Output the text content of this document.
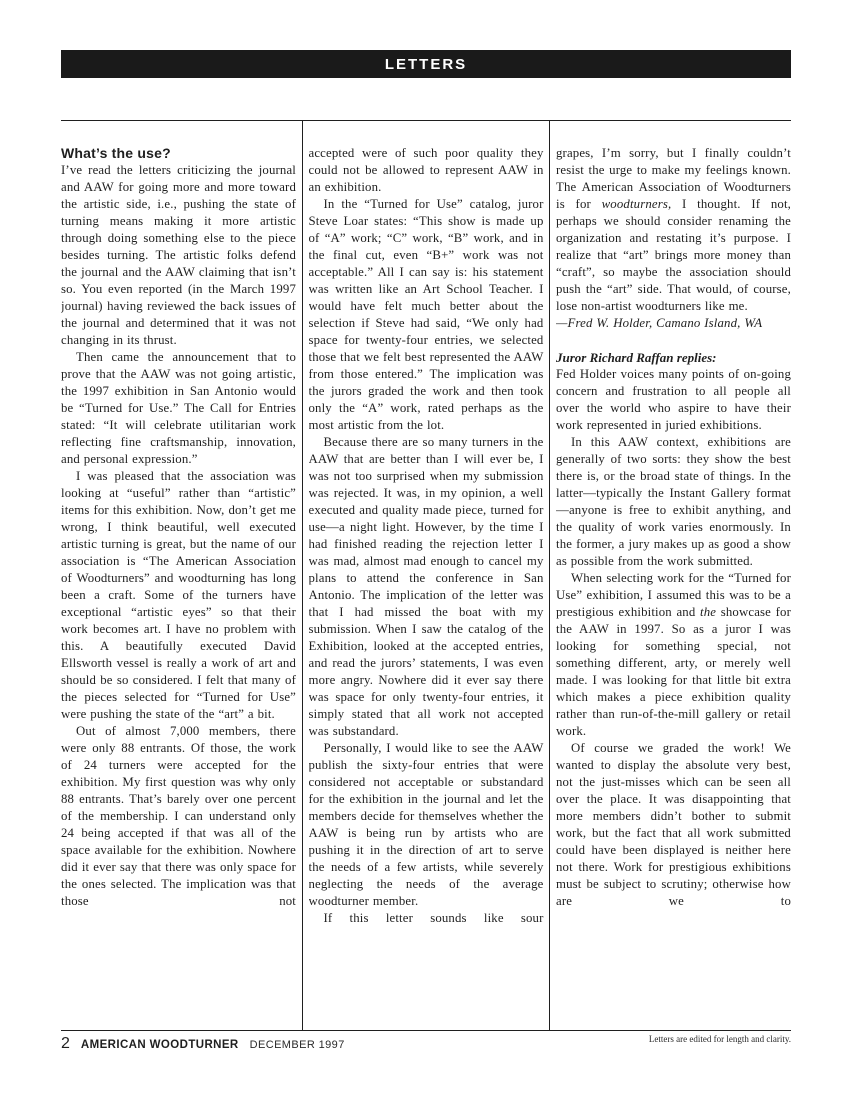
LETTERS
What’s the use?

I’ve read the letters criticizing the journal and AAW for going more and more toward the artistic side, i.e., pushing the state of turning means making it more artistic through doing something else to the piece besides turning. The artistic folks defend the journal and the AAW claiming that isn’t so. You even reported (in the March 1997 journal) having reviewed the back issues of the journal and determined that it was not changing in its thrust.

Then came the announcement that to prove that the AAW was not going artistic, the 1997 exhibition in San Antonio would be “Turned for Use.” The Call for Entries stated: “It will celebrate utilitarian work reflecting fine craftsmanship, innovation, and personal expression.”

I was pleased that the association was looking at “useful” rather than “artistic” items for this exhibition. Now, don’t get me wrong, I think beautiful, well executed artistic turning is great, but the name of our association is “The American Association of Woodturners” and woodturning has long been a craft. Some of the turners have exceptional “artistic eyes” so that their work becomes art. I have no problem with this. A beautifully executed David Ellsworth vessel is really a work of art and should be so considered. I felt that many of the pieces selected for “Turned for Use” were pushing the state of the “art” a bit.

Out of almost 7,000 members, there were only 88 entrants. Of those, the work of 24 turners were accepted for the exhibition. My first question was why only 88 entrants. That’s barely over one percent of the membership. I can understand only 24 being accepted if that was all of the space available for the exhibition. Nowhere did it ever say that there was only space for the ones selected. The implication was that those not

accepted were of such poor quality they could not be allowed to represent AAW in an exhibition.

In the “Turned for Use” catalog, juror Steve Loar states: “This show is made up of “A” work; “C” work, “B” work, and in the final cut, even “B+” work was not acceptable.” All I can say is: his statement was written like an Art School Teacher. I would have felt much better about the selection if Steve had said, “We only had space for twenty-four entries, we selected those that we felt best represented the AAW from those entered.” The implication was the jurors graded the work and then took only the “A” work, rated perhaps as the most artistic from the lot.

Because there are so many turners in the AAW that are better than I will ever be, I was not too surprised when my submission was rejected. It was, in my opinion, a well executed and quality made piece, turned for use—a night light. However, by the time I had finished reading the rejection letter I was mad, almost mad enough to cancel my plans to attend the conference in San Antonio. The implication of the letter was that I had missed the boat with my submission. When I saw the catalog of the Exhibition, looked at the accepted entries, and read the jurors’ statements, I was even more angry. Nowhere did it ever say there was space for only twenty-four entries, it simply stated that all work not accepted was substandard.

Personally, I would like to see the AAW publish the sixty-four entries that were considered not acceptable or substandard for the exhibition in the journal and let the members decide for themselves whether the AAW is being run by artists who are pushing it in the direction of art to serve the needs of a few artists, while severely neglecting the needs of the average woodturner member.

If this letter sounds like sour

grapes, I’m sorry, but I finally couldn’t resist the urge to make my feelings known. The American Association of Woodturners is for woodturners, I thought. If not, perhaps we should consider renaming the organization and restating it’s purpose. I realize that “art” brings more money than “craft”, so maybe the association should push the “art” side. That would, of course, lose non-artist woodturners like me.

—Fred W. Holder, Camano Island, WA

Juror Richard Raffan replies:

Fed Holder voices many points of on-going concern and frustration to all people all over the world who aspire to have their work represented in juried exhibitions.

In this AAW context, exhibitions are generally of two sorts: they show the best there is, or the broad state of things. In the latter—typically the Instant Gallery format—anyone is free to exhibit anything, and the quality of work varies enormously. In the former, a jury makes up as good a show as possible from the work submitted.

When selecting work for the “Turned for Use” exhibition, I assumed this was to be a prestigious exhibition and the showcase for the AAW in 1997. So as a juror I was looking for something special, not something different, arty, or merely well made. I was looking for that little bit extra which makes a piece exhibition quality rather than run-of-the-mill gallery or retail work.

Of course we graded the work! We wanted to display the absolute very best, not the just-misses which can be seen all over the place. It was disappointing that more members didn’t bother to submit work, but the fact that all work submitted could have been displayed is neither here not there. Work for prestigious exhibitions must be subject to scrutiny; otherwise how are we to

2 AMERICAN WOODTURNER DECEMBER 1997	Letters are edited for length and clarity.
